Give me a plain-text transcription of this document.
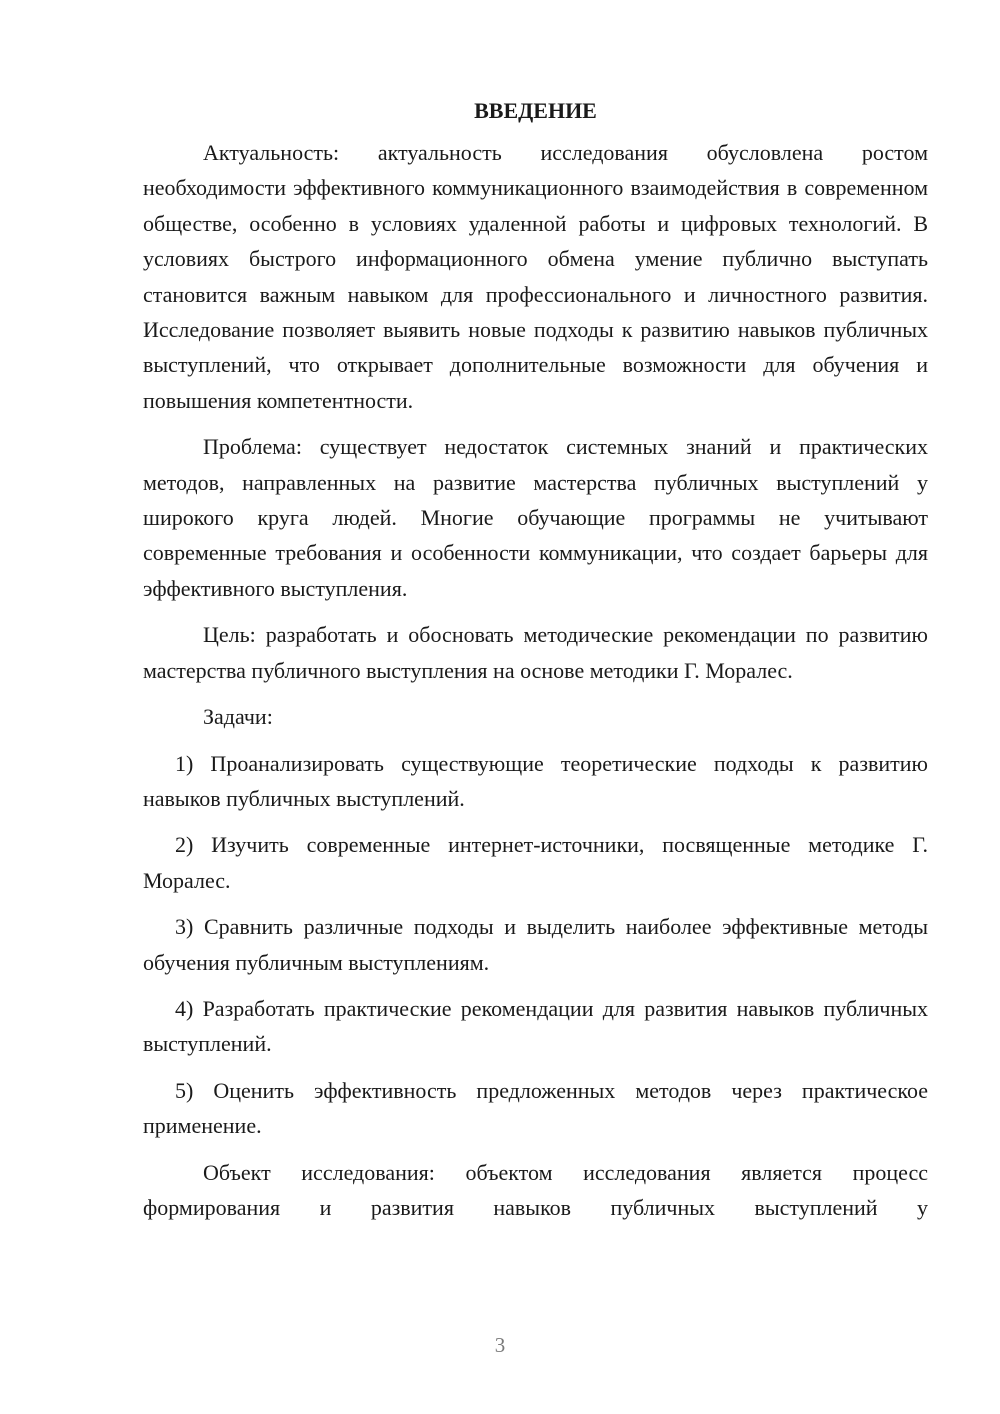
ВВЕДЕНИЕ

Актуальность: актуальность исследования обусловлена ростом необходимости эффективного коммуникационного взаимодействия в современном обществе, особенно в условиях удаленной работы и цифровых технологий. В условиях быстрого информационного обмена умение публично выступать становится важным навыком для профессионального и личностного развития. Исследование позволяет выявить новые подходы к развитию навыков публичных выступлений, что открывает дополнительные возможности для обучения и повышения компетентности.

Проблема: существует недостаток системных знаний и практических методов, направленных на развитие мастерства публичных выступлений у широкого круга людей. Многие обучающие программы не учитывают современные требования и особенности коммуникации, что создает барьеры для эффективного выступления.

Цель: разработать и обосновать методические рекомендации по развитию мастерства публичного выступления на основе методики Г. Моралес.

Задачи:

1) Проанализировать существующие теоретические подходы к развитию навыков публичных выступлений.

2) Изучить современные интернет-источники, посвященные методике Г. Моралес.

3) Сравнить различные подходы и выделить наиболее эффективные методы обучения публичным выступлениям.

4) Разработать практические рекомендации для развития навыков публичных выступлений.

5) Оценить эффективность предложенных методов через практическое применение.

Объект исследования: объектом исследования является процесс формирования и развития навыков публичных выступлений у

3
